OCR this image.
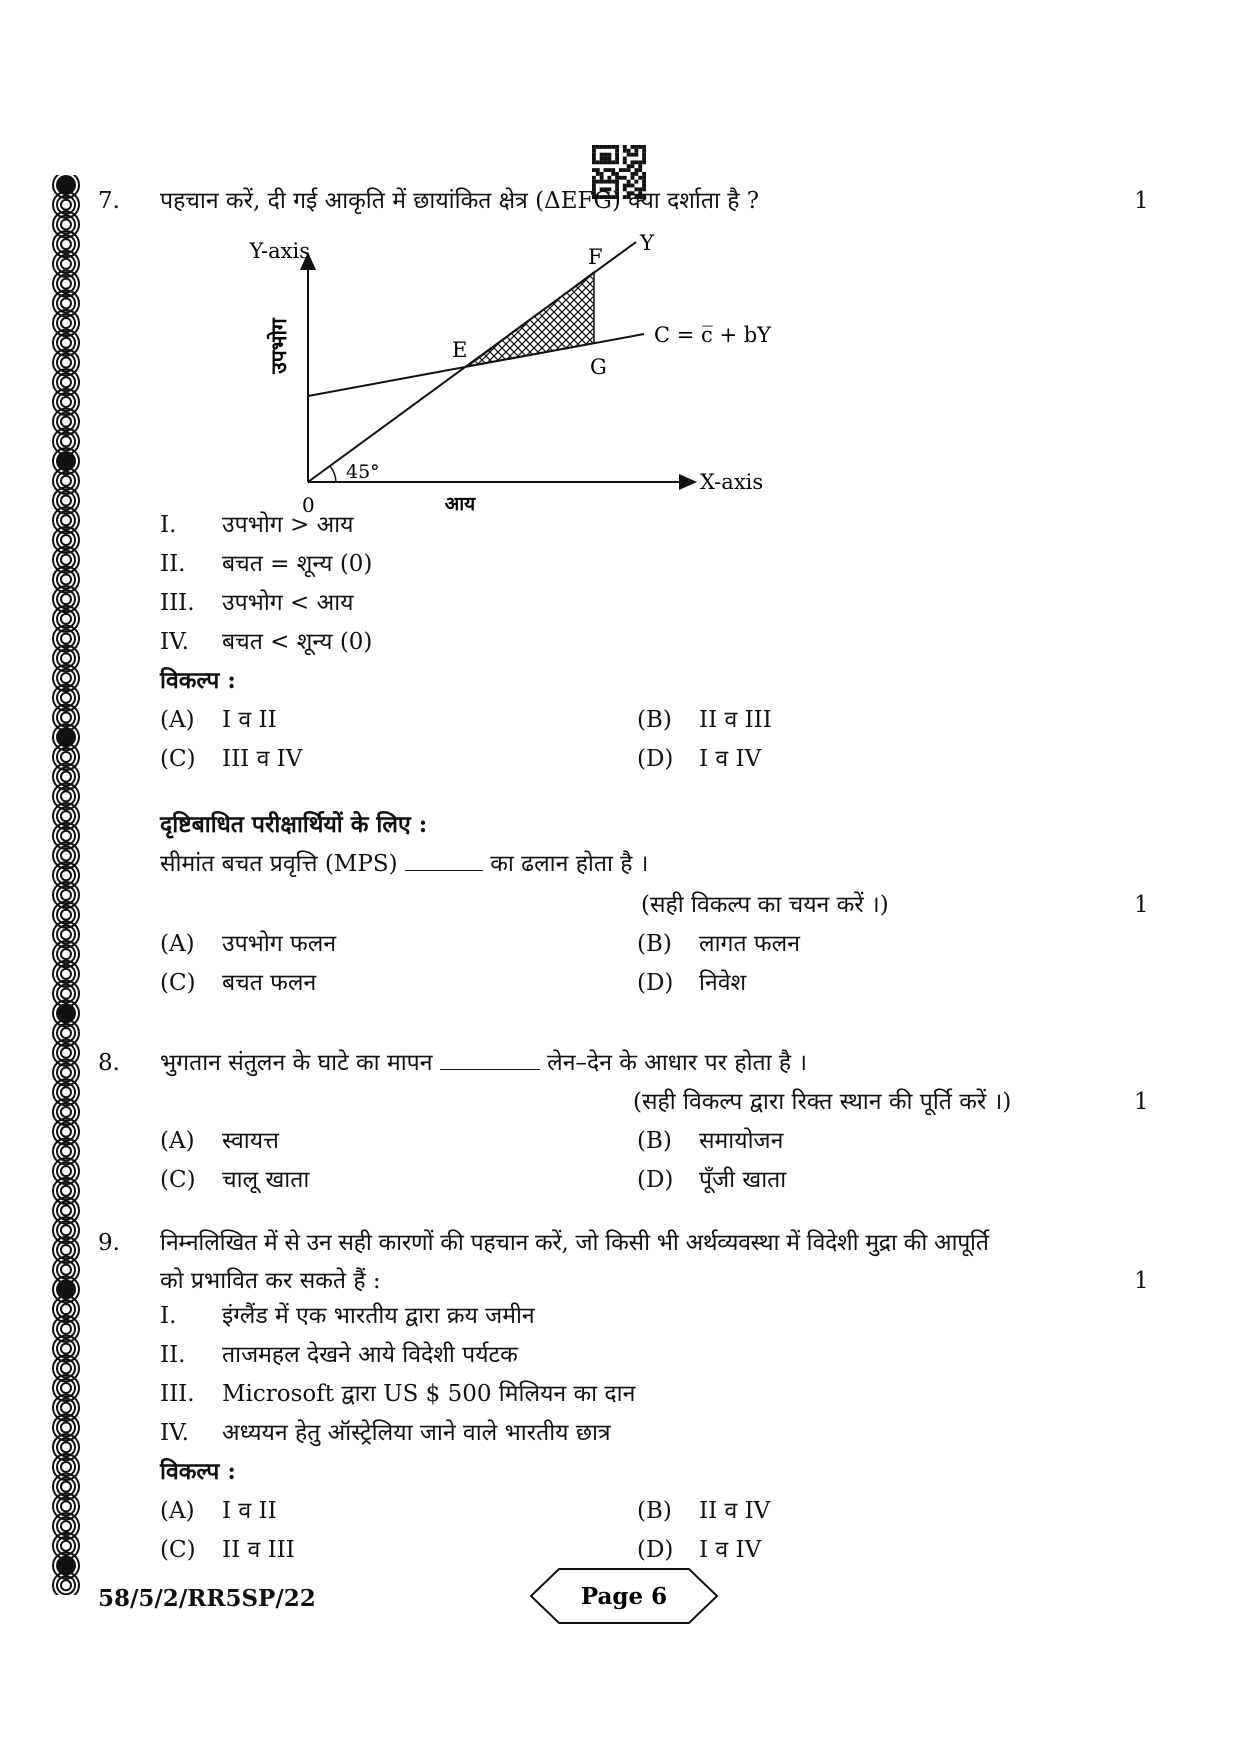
7. पहचान करें, दी गई आकृति में छायांकित क्षेत्र (ΔEFG) क्या दर्शाता है ?	1
Y-axis
X-axis
उपभोग
आय
0
45°
E
F
G
Y
C = c̅ + bY
विकल्प :
दृष्टिबाधित परीक्षार्थियों के लिए :
सीमांत बचत प्रवृत्ति (MPS)	का ढलान होता है ।
(सही विकल्प का चयन करें ।)	1
8. भुगतान संतुलन के घाटे का मापन	लेन–देन के आधार पर होता है ।
(सही विकल्प द्वारा रिक्त स्थान की पूर्ति करें ।)	1
9. निम्नलिखित में से उन सही कारणों की पहचान करें, जो किसी भी अर्थव्यवस्था में विदेशी मुद्रा की आपूर्ति
को प्रभावित कर सकते हैं :	1
विकल्प :
58/5/2/RR5SP/22	Page 6
I. उपभोग > आय
II. बचत = शून्य (0)
III. उपभोग < आय
IV. बचत < शून्य (0)
(A) I व II	(B) II व III
(C) III व IV	(D) I व IV
(A) उपभोग फलन	(B) लागत फलन
(C) बचत फलन	(D) निवेश
(A) स्वायत्त	(B) समायोजन
(C) चालू खाता	(D) पूँजी खाता
I. इंग्लैंड में एक भारतीय द्वारा क्रय जमीन
II. ताजमहल देखने आये विदेशी पर्यटक
III. Microsoft द्वारा US $ 500 मिलियन का दान
IV. अध्ययन हेतु ऑस्ट्रेलिया जाने वाले भारतीय छात्र
(A) I व II	(B) II व IV
(C) II व III	(D) I व IV
